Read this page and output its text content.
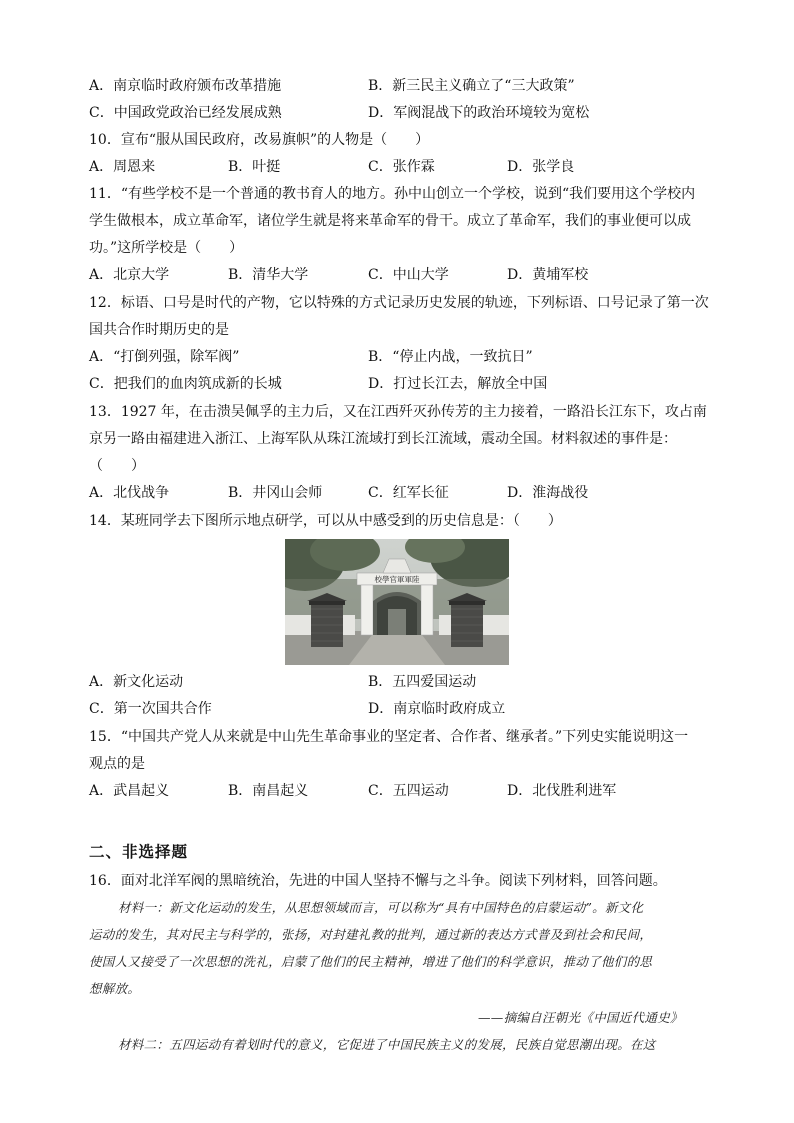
A．南京临时政府颁布改革措施	B．新三民主义确立了“三大政策”
C．中国政党政治已经发展成熟	D．军阀混战下的政治环境较为宽松
10．宣布“服从国民政府，改易旗帜”的人物是（　　）
A．周恩来	B．叶挺	C．张作霖	D．张学良
11．“有些学校不是一个普通的教书育人的地方。孙中山创立一个学校，说到“我们要用这个学校内
学生做根本，成立革命军，诸位学生就是将来革命军的骨干。成立了革命军，我们的事业便可以成
功。”这所学校是（　　）
A．北京大学	B．清华大学	C．中山大学	D．黄埔军校
12．标语、口号是时代的产物，它以特殊的方式记录历史发展的轨迹，下列标语、口号记录了第一次
国共合作时期历史的是
A．“打倒列强，除军阀”	B．“停止内战，一致抗日”
C．把我们的血肉筑成新的长城	D．打过长江去，解放全中国
13．1927 年，在击溃吴佩孚的主力后，又在江西歼灭孙传芳的主力接着，一路沿长江东下，攻占南
京另一路由福建进入浙江、上海军队从珠江流域打到长江流域，震动全国。材料叙述的事件是：
（　　）
A．北伐战争	B．井冈山会师	C．红军长征	D．淮海战役
14．某班同学去下图所示地点研学，可以从中感受到的历史信息是：（　　）
校學官軍軍陸
A．新文化运动	B．五四爱国运动
C．第一次国共合作	D．南京临时政府成立
15．“中国共产党人从来就是中山先生革命事业的坚定者、合作者、继承者。”下列史实能说明这一
观点的是
A．武昌起义	B．南昌起义	C．五四运动	D．北伐胜利进军
二、非选择题
16．面对北洋军阀的黑暗统治，先进的中国人坚持不懈与之斗争。阅读下列材料，回答问题。
材料一：新文化运动的发生，从思想领域而言，可以称为“具有中国特色的启蒙运动”。新文化
运动的发生，其对民主与科学的，张扬，对封建礼教的批判，通过新的表达方式普及到社会和民间，
使国人又接受了一次思想的洗礼，启蒙了他们的民主精神，增进了他们的科学意识，推动了他们的思
想解放。
——摘编自汪朝光《中国近代通史》
材料二：五四运动有着划时代的意义，它促进了中国民族主义的发展，民族自觉思潮出现。在这
